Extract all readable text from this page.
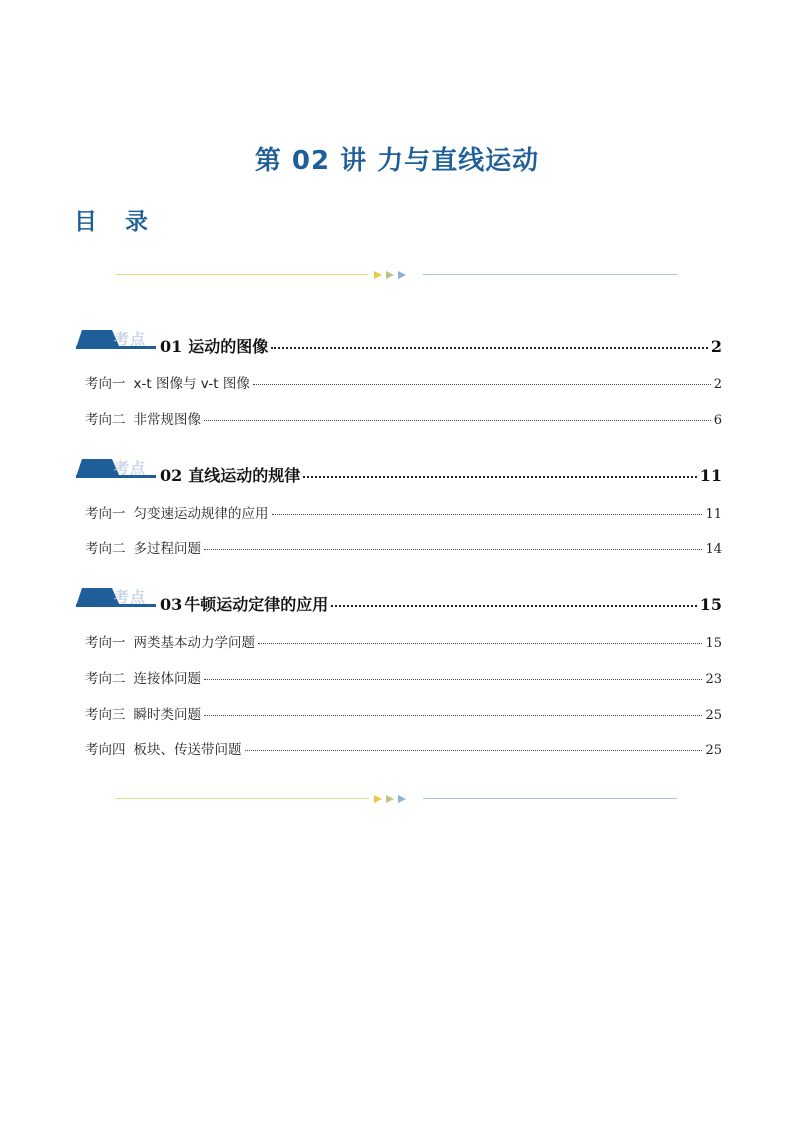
第 02 讲 力与直线运动
目 录
考点 01 运动的图像	2
考向一 x-t 图像与 v-t 图像	2
考向二 非常规图像	6
考点 02 直线运动的规律	11
考向一 匀变速运动规律的应用	11
考向二 多过程问题	14
考点 03 牛顿运动定律的应用	15
考向一 两类基本动力学问题	15
考向二 连接体问题	23
考向三 瞬时类问题	25
考向四 板块、传送带问题	25
